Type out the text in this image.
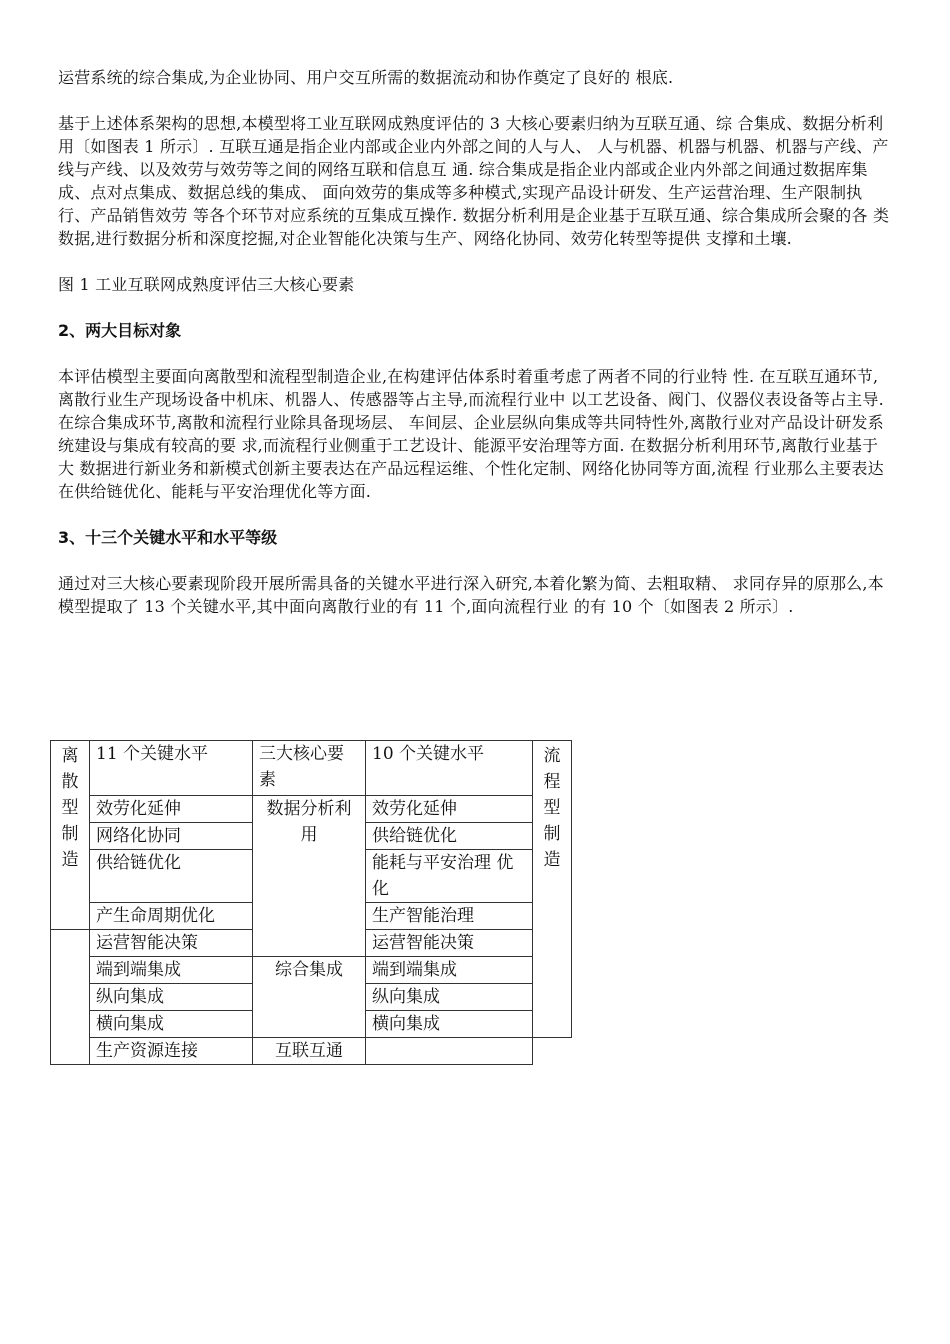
运营系统的综合集成,为企业协同、用户交互所需的数据流动和协作奠定了良好的 根底.

基于上述体系架构的思想,本模型将工业互联网成熟度评估的 3 大核心要素归纳为互联互通、综 合集成、数据分析利用〔如图表 1 所示〕. 互联互通是指企业内部或企业内外部之间的人与人、 人与机器、机器与机器、机器与产线、产线与产线、以及效劳与效劳等之间的网络互联和信息互 通. 综合集成是指企业内部或企业内外部之间通过数据库集成、点对点集成、数据总线的集成、 面向效劳的集成等多种模式,实现产品设计研发、生产运营治理、生产限制执行、产品销售效劳 等各个环节对应系统的互集成互操作. 数据分析利用是企业基于互联互通、综合集成所会聚的各 类数据,进行数据分析和深度挖掘,对企业智能化决策与生产、网络化协同、效劳化转型等提供 支撑和土壤.

图 1 工业互联网成熟度评估三大核心要素

2、两大目标对象

本评估模型主要面向离散型和流程型制造企业,在构建评估体系时着重考虑了两者不同的行业特 性. 在互联互通环节,离散行业生产现场设备中机床、机器人、传感器等占主导,而流程行业中 以工艺设备、阀门、仪器仪表设备等占主导. 在综合集成环节,离散和流程行业除具备现场层、 车间层、企业层纵向集成等共同特性外,离散行业对产品设计研发系统建设与集成有较高的要 求,而流程行业侧重于工艺设计、能源平安治理等方面. 在数据分析利用环节,离散行业基于大 数据进行新业务和新模式创新主要表达在产品远程运维、个性化定制、网络化协同等方面,流程 行业那么主要表达在供给链优化、能耗与平安治理优化等方面.

3、十三个关键水平和水平等级

通过对三大核心要素现阶段开展所需具备的关键水平进行深入研究,本着化繁为简、去粗取精、 求同存异的原那么,本模型提取了 13 个关键水平,其中面向离散行业的有 11 个,面向流程行业 的有 10 个〔如图表 2 所示〕.

离散型制造	11 个关键水平	三大核心要素	10 个关键水平	流程型制造
	效劳化延伸	数据分析利用	效劳化延伸	
	网络化协同		供给链优化	
	供给链优化		能耗与平安治理 优化	
	产生命周期优化		生产智能治理	
	运营智能决策		运营智能决策	
	端到端集成	综合集成	端到端集成	
	纵向集成		纵向集成	
	横向集成		横向集成	
	生产资源连接	互联互通		
